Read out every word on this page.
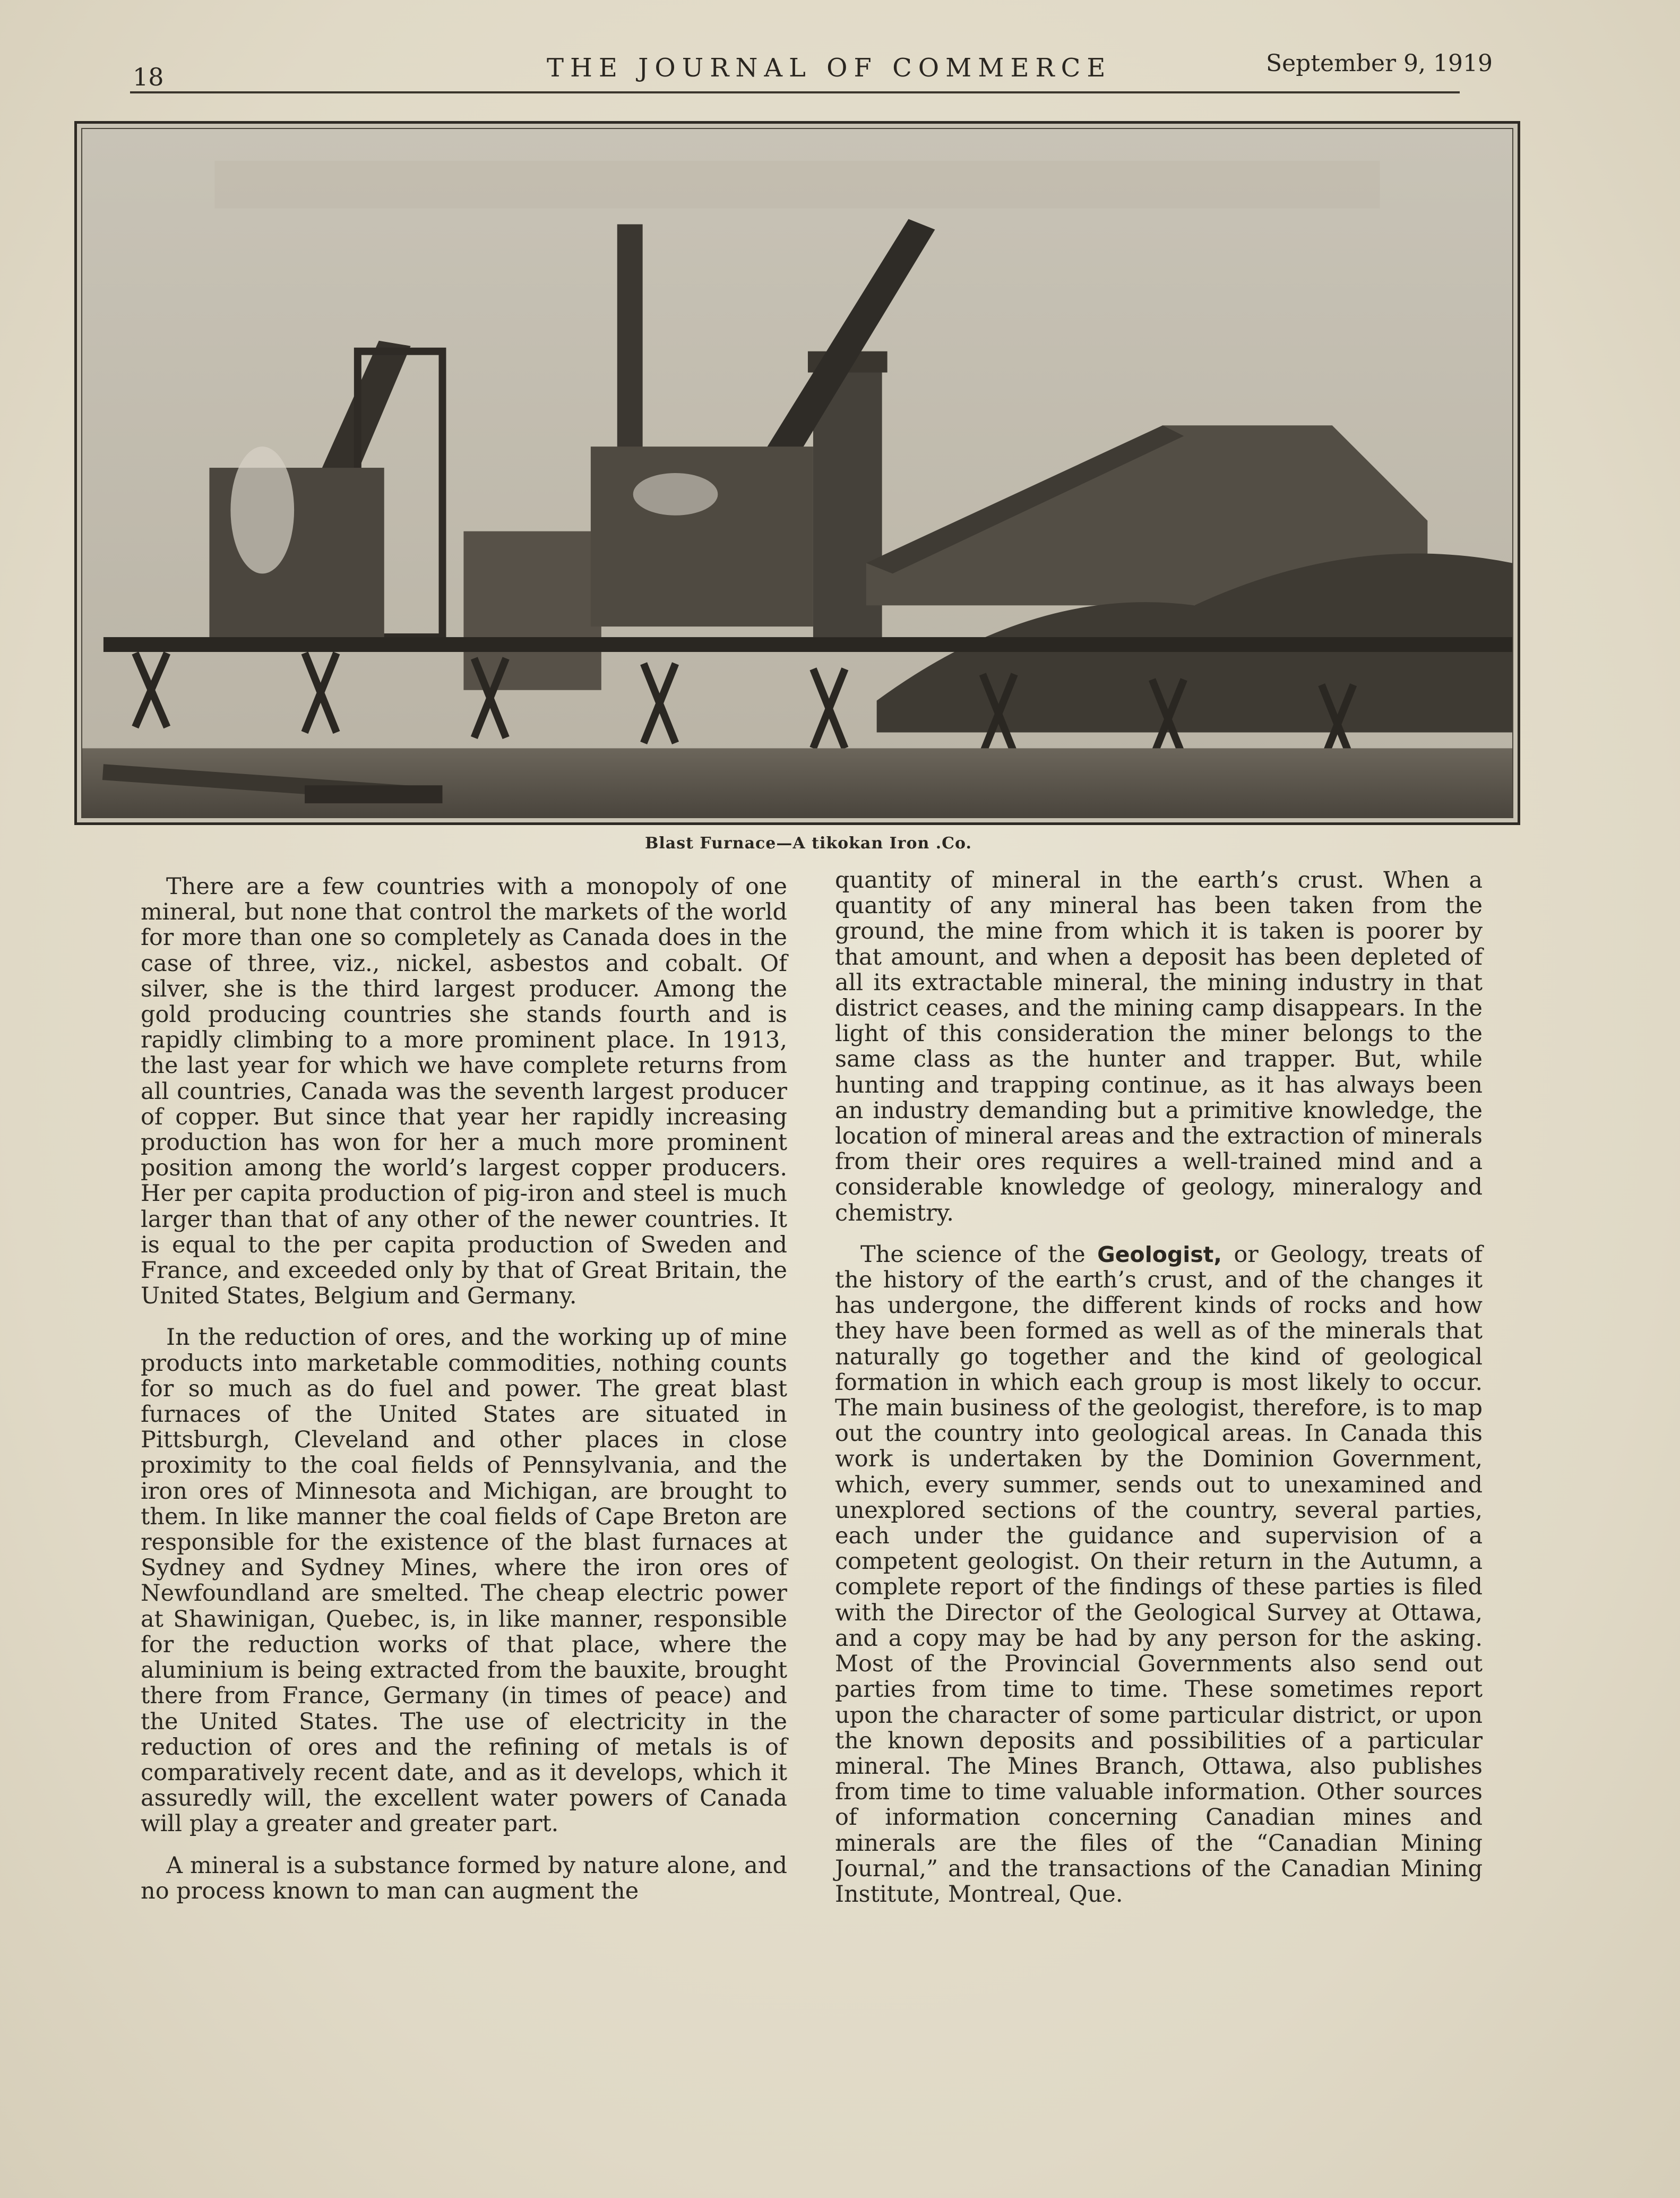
18	THE JOURNAL OF COMMERCE	September 9, 1919
Blast Furnace—A tikokan Iron .Co.

There are a few countries with a monopoly of one mineral, but none that control the markets of the world for more than one so completely as Canada does in the case of three, viz., nickel, asbestos and cobalt. Of silver, she is the third largest producer. Among the gold producing countries she stands fourth and is rapidly climbing to a more prominent place. In 1913, the last year for which we have complete returns from all countries, Canada was the seventh largest producer of copper. But since that year her rapidly increasing production has won for her a much more prominent position among the world’s largest copper producers. Her per capita production of pig-iron and steel is much larger than that of any other of the newer countries. It is equal to the per capita production of Sweden and France, and exceeded only by that of Great Britain, the United States, Belgium and Germany.

In the reduction of ores, and the working up of mine products into marketable commodities, nothing counts for so much as do fuel and power. The great blast furnaces of the United States are situated in Pittsburgh, Cleveland and other places in close proximity to the coal fields of Pennsylvania, and the iron ores of Minnesota and Michigan, are brought to them. In like manner the coal fields of Cape Breton are responsible for the existence of the blast furnaces at Sydney and Sydney Mines, where the iron ores of Newfoundland are smelted. The cheap electric power at Shawinigan, Quebec, is, in like manner, responsible for the reduction works of that place, where the aluminium is being extracted from the bauxite, brought there from France, Germany (in times of peace) and the United States. The use of electricity in the reduction of ores and the refining of metals is of comparatively recent date, and as it develops, which it assuredly will, the excellent water powers of Canada will play a greater and greater part.

A mineral is a substance formed by nature alone, and no process known to man can augment the

quantity of mineral in the earth’s crust. When a quantity of any mineral has been taken from the ground, the mine from which it is taken is poorer by that amount, and when a deposit has been depleted of all its extractable mineral, the mining industry in that district ceases, and the mining camp disappears. In the light of this consideration the miner belongs to the same class as the hunter and trapper. But, while hunting and trapping continue, as it has always been an industry demanding but a primitive knowledge, the location of mineral areas and the extraction of minerals from their ores requires a well-trained mind and a considerable knowledge of geology, mineralogy and chemistry.

The science of the Geologist, or Geology, treats of the history of the earth’s crust, and of the changes it has undergone, the different kinds of rocks and how they have been formed as well as of the minerals that naturally go together and the kind of geological formation in which each group is most likely to occur. The main business of the geologist, therefore, is to map out the country into geological areas. In Canada this work is undertaken by the Dominion Government, which, every summer, sends out to unexamined and unexplored sections of the country, several parties, each under the guidance and supervision of a competent geologist. On their return in the Autumn, a complete report of the findings of these parties is filed with the Director of the Geological Survey at Ottawa, and a copy may be had by any person for the asking. Most of the Provincial Governments also send out parties from time to time. These sometimes report upon the character of some particular district, or upon the known deposits and possibilities of a particular mineral. The Mines Branch, Ottawa, also publishes from time to time valuable information. Other sources of information concerning Canadian mines and minerals are the files of the “Canadian Mining Journal,” and the transactions of the Canadian Mining Institute, Montreal, Que.
